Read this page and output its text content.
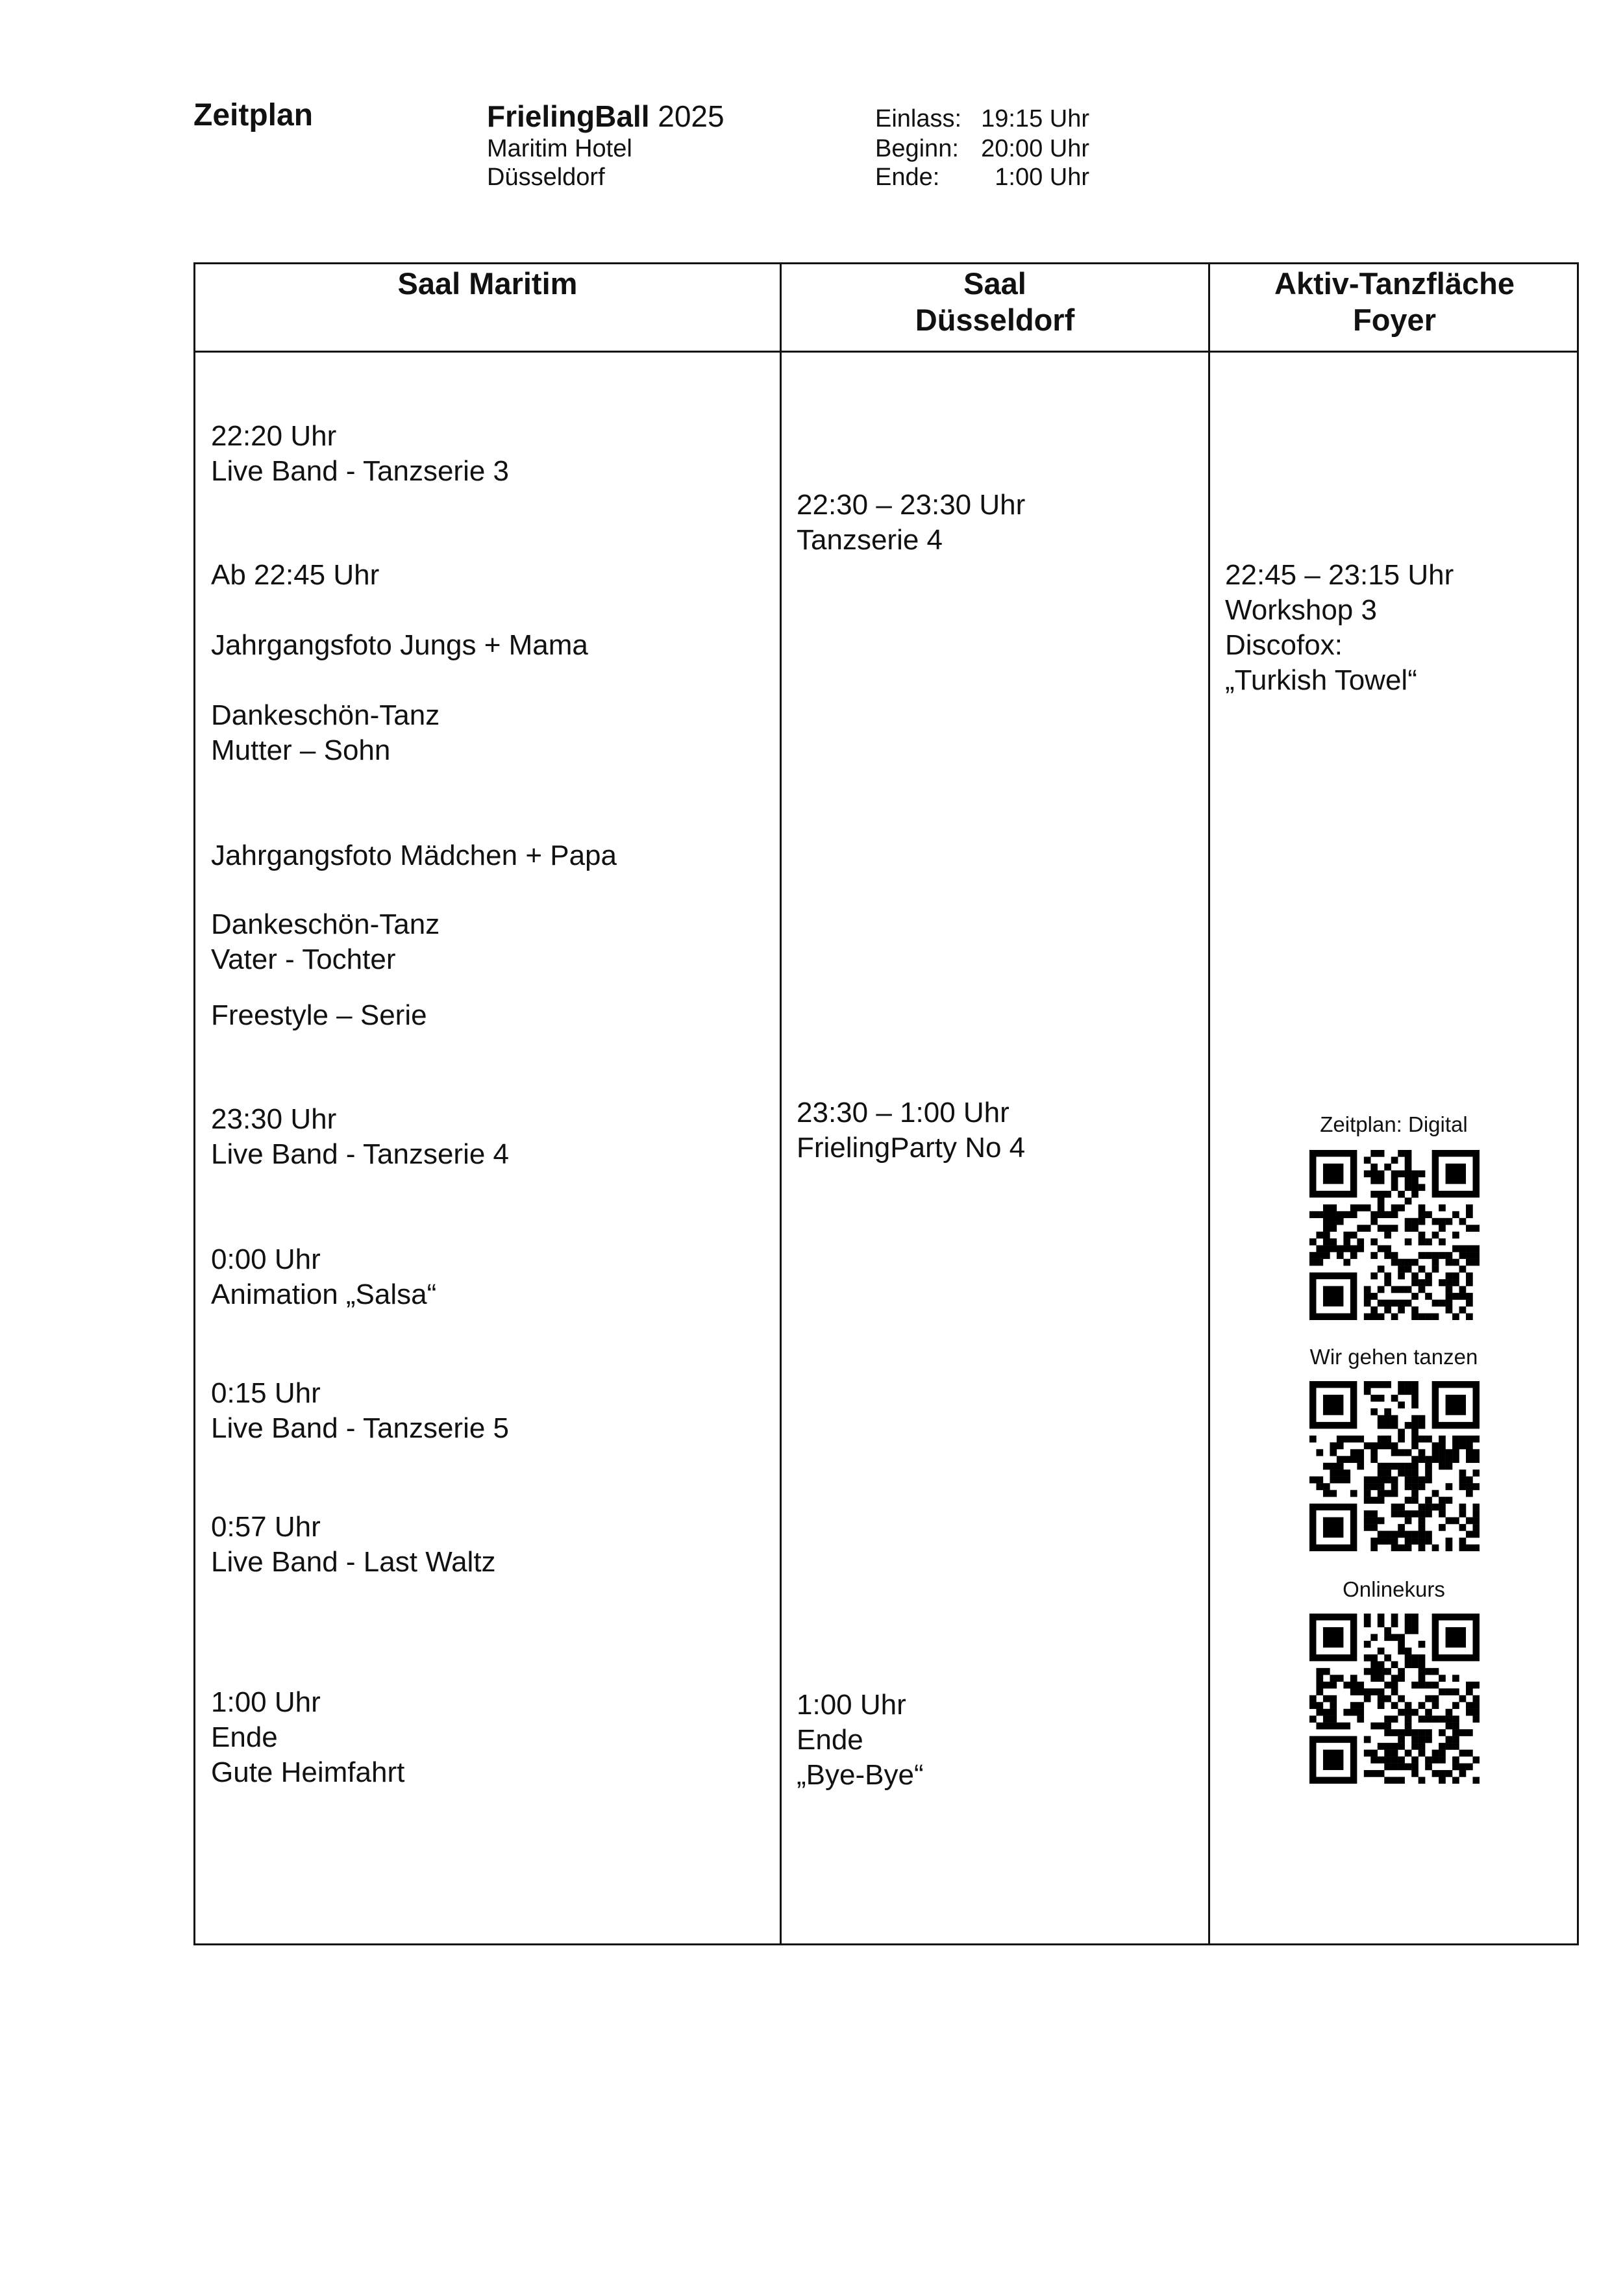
Zeitplan	FrielingBall 2025
Maritim Hotel
Düsseldorf
Einlass: 19:15 Uhr
Beginn: 20:00 Uhr
Ende: 1:00 Uhr
Saal Maritim	Saal
Düsseldorf
Aktiv-Tanzfläche
Foyer
22:20 Uhr
Live Band - Tanzserie 3
Ab 22:45 Uhr
Jahrgangsfoto Jungs + Mama
Dankeschön-Tanz
Mutter – Sohn
Jahrgangsfoto Mädchen + Papa
Dankeschön-Tanz
Vater - Tochter
Freestyle – Serie
23:30 Uhr
Live Band - Tanzserie 4
0:00 Uhr
Animation „Salsa“
0:15 Uhr
Live Band - Tanzserie 5
0:57 Uhr
Live Band - Last Waltz
1:00 Uhr
Ende
Gute Heimfahrt
22:30 – 23:30 Uhr
Tanzserie 4
23:30 – 1:00 Uhr
FrielingParty No 4
1:00 Uhr
Ende
„Bye-Bye“
22:45 – 23:15 Uhr
Workshop 3
Discofox:
„Turkish Towel“
Zeitplan: Digital
Wir gehen tanzen
Onlinekurs
